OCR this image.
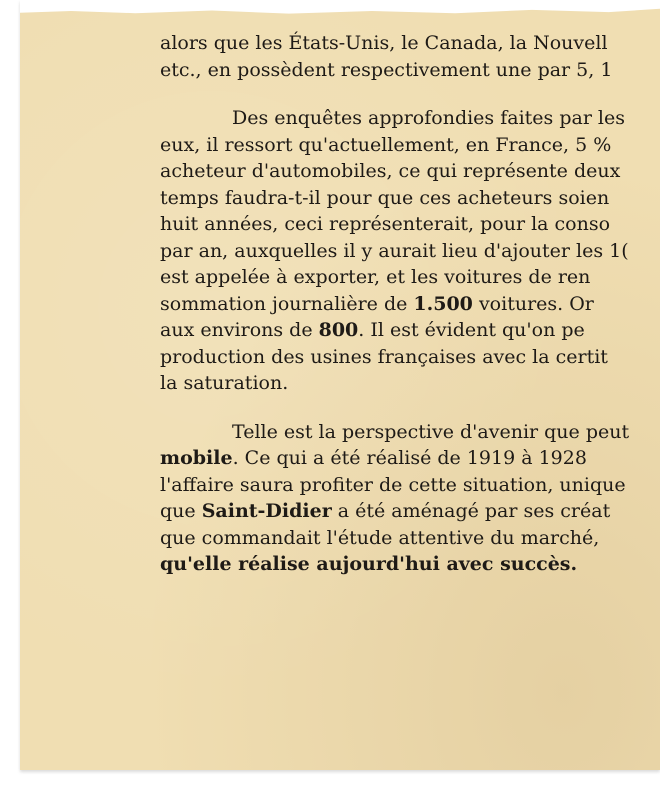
alors que les États-Unis, le Canada, la Nouvell
etc., en possèdent respectivement une par 5, 1
Des enquêtes approfondies faites par les
eux, il ressort qu'actuellement, en France, 5 %
acheteur d'automobiles, ce qui représente deux
temps faudra-t-il pour que ces acheteurs soien
huit années, ceci représenterait, pour la conso
par an, auxquelles il y aurait lieu d'ajouter les 1(
est appelée à exporter, et les voitures de ren
sommation journalière de 1.500 voitures. Or
aux environs de 800. Il est évident qu'on pe
production des usines françaises avec la certit
la saturation.
Telle est la perspective d'avenir que peut
mobile. Ce qui a été réalisé de 1919 à 1928
l'affaire saura profiter de cette situation, unique
que Saint-Didier a été aménagé par ses créat
que commandait l'étude attentive du marché,
qu'elle réalise aujourd'hui avec succès.
